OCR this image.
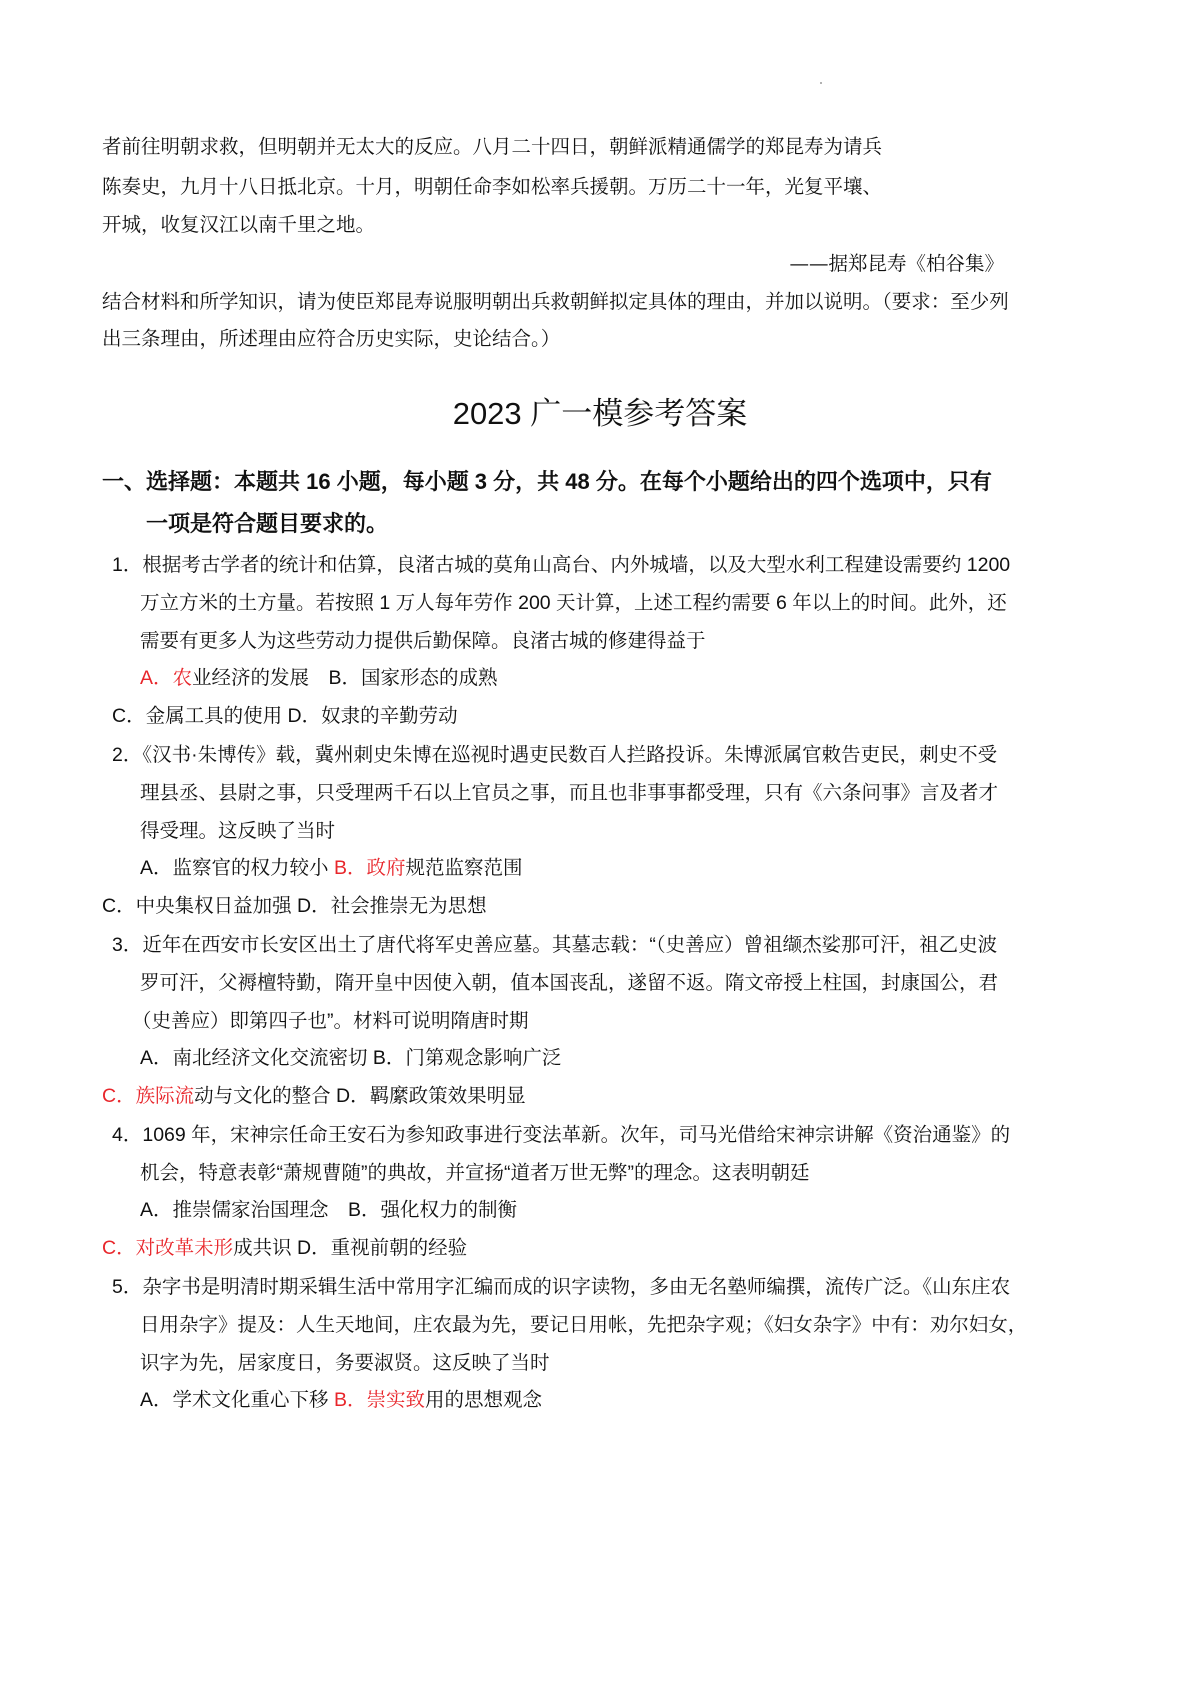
者前往明朝求救，但明朝并无太大的反应。八月二十四日，朝鲜派精通儒学的郑昆寿为请兵
陈奏史，九月十八日抵北京。十月，明朝任命李如松率兵援朝。万历二十一年，光复平壤、
开城，收复汉江以南千里之地。
——据郑昆寿《柏谷集》
结合材料和所学知识，请为使臣郑昆寿说服明朝出兵救朝鲜拟定具体的理由，并加以说明。（要求：至少列
出三条理由，所述理由应符合历史实际，史论结合。）
2023 广一模参考答案
一、选择题：本题共 16 小题，每小题 3 分，共 48 分。在每个小题给出的四个选项中，只有
一项是符合题目要求的。
1．根据考古学者的统计和估算，良渚古城的莫角山高台、内外城墙，以及大型水利工程建设需要约 1200
万立方米的土方量。若按照 1 万人每年劳作 200 天计算，上述工程约需要 6 年以上的时间。此外，还
需要有更多人为这些劳动力提供后勤保障。良渚古城的修建得益于
A．农业经济的发展　B．国家形态的成熟
C．金属工具的使用 D．奴隶的辛勤劳动
2．《汉书·朱博传》载，冀州刺史朱博在巡视时遇吏民数百人拦路投诉。朱博派属官敕告吏民，刺史不受
理县丞、县尉之事，只受理两千石以上官员之事，而且也非事事都受理，只有《六条问事》言及者才
得受理。这反映了当时
A．监察官的权力较小 B．政府规范监察范围
C．中央集权日益加强 D．社会推崇无为思想
3．近年在西安市长安区出土了唐代将军史善应墓。其墓志载：“（史善应）曾祖缬杰娑那可汗，祖乙史波
罗可汗，父褥檀特勤，隋开皇中因使入朝，值本国丧乱，遂留不返。隋文帝授上柱国，封康国公，君
（史善应）即第四子也”。材料可说明隋唐时期
A．南北经济文化交流密切 B．门第观念影响广泛
C．族际流动与文化的整合 D．羁縻政策效果明显
4．1069 年，宋神宗任命王安石为参知政事进行变法革新。次年，司马光借给宋神宗讲解《资治通鉴》的
机会，特意表彰“萧规曹随”的典故，并宣扬“道者万世无弊”的理念。这表明朝廷
A．推崇儒家治国理念　B．强化权力的制衡
C．对改革未形成共识 D．重视前朝的经验
5．杂字书是明清时期采辑生活中常用字汇编而成的识字读物，多由无名塾师编撰，流传广泛。《山东庄农
日用杂字》提及：人生天地间，庄农最为先，要记日用帐，先把杂字观；《妇女杂字》中有：劝尔妇女，
识字为先，居家度日，务要淑贤。这反映了当时
A．学术文化重心下移 B．崇实致用的思想观念
